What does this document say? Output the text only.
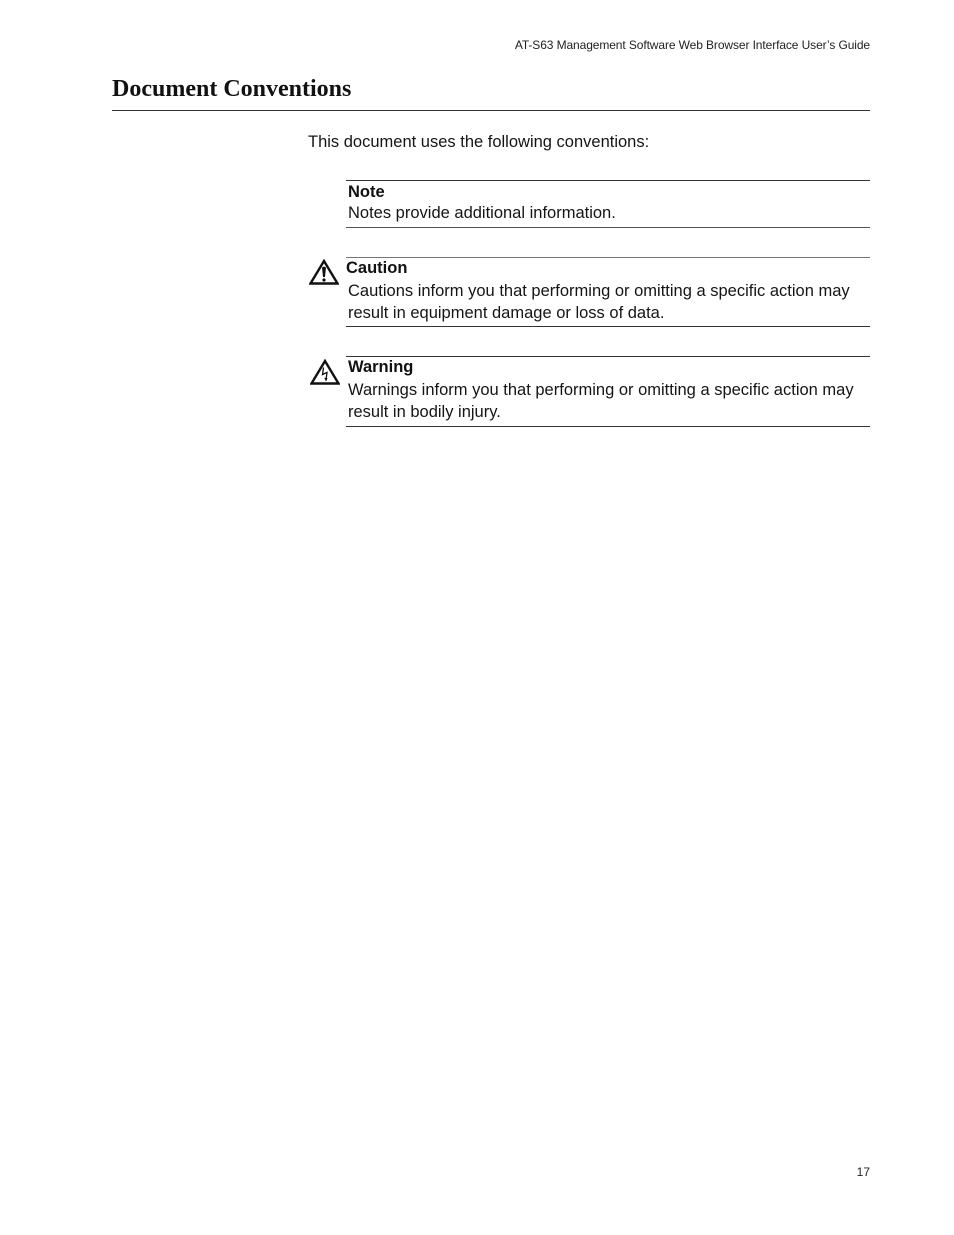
AT-S63 Management Software Web Browser Interface User’s Guide
Document Conventions
This document uses the following conventions:
Note
Notes provide additional information.
Caution
Cautions inform you that performing or omitting a specific action may result in equipment damage or loss of data.
Warning
Warnings inform you that performing or omitting a specific action may result in bodily injury.
17
